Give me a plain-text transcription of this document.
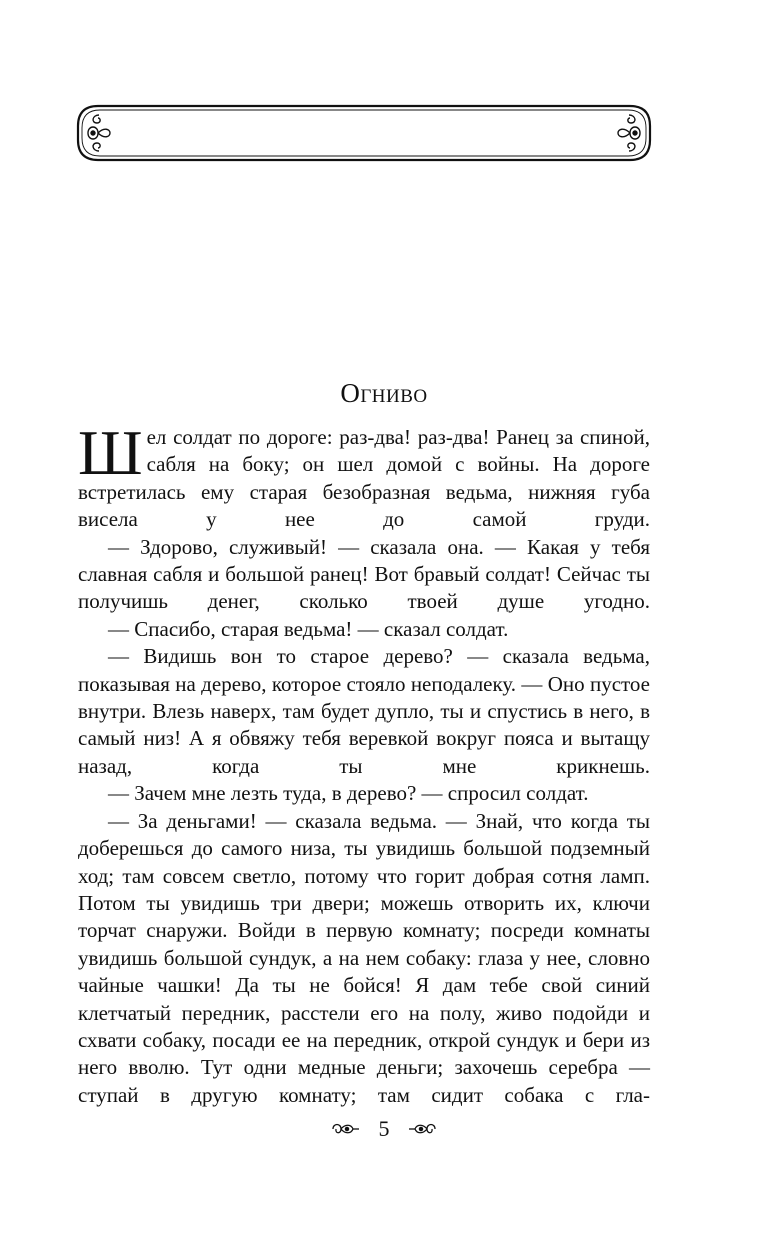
Огниво

Шел солдат по дороге: раз-два! раз-два! Ранец за спиной, сабля на боку; он шел домой с войны. На дороге встретилась ему старая безобразная ведьма, нижняя губа висела у нее до самой груди.

— Здорово, служивый! — сказала она. — Какая у тебя славная сабля и большой ранец! Вот бравый солдат! Сейчас ты получишь денег, сколько твоей душе угодно.

— Спасибо, старая ведьма! — сказал солдат.

— Видишь вон то старое дерево? — сказала ведьма, показывая на дерево, которое стояло неподалеку. — Оно пустое внутри. Влезь наверх, там будет дупло, ты и спустись в него, в самый низ! А я обвяжу тебя веревкой вокруг пояса и вытащу назад, когда ты мне крикнешь.

— Зачем мне лезть туда, в дерево? — спросил солдат.

— За деньгами! — сказала ведьма. — Знай, что когда ты доберешься до самого низа, ты увидишь большой подземный ход; там совсем светло, потому что горит добрая сотня ламп. Потом ты увидишь три двери; можешь отворить их, ключи торчат снаружи. Войди в первую комнату; посреди комнаты увидишь большой сундук, а на нем собаку: глаза у нее, словно чайные чашки! Да ты не бойся! Я дам тебе свой синий клетчатый передник, расстели его на полу, живо подойди и схвати собаку, посади ее на передник, открой сундук и бери из него вволю. Тут одни медные деньги; захочешь серебра — ступай в другую комнату; там сидит собака с гла-

5
